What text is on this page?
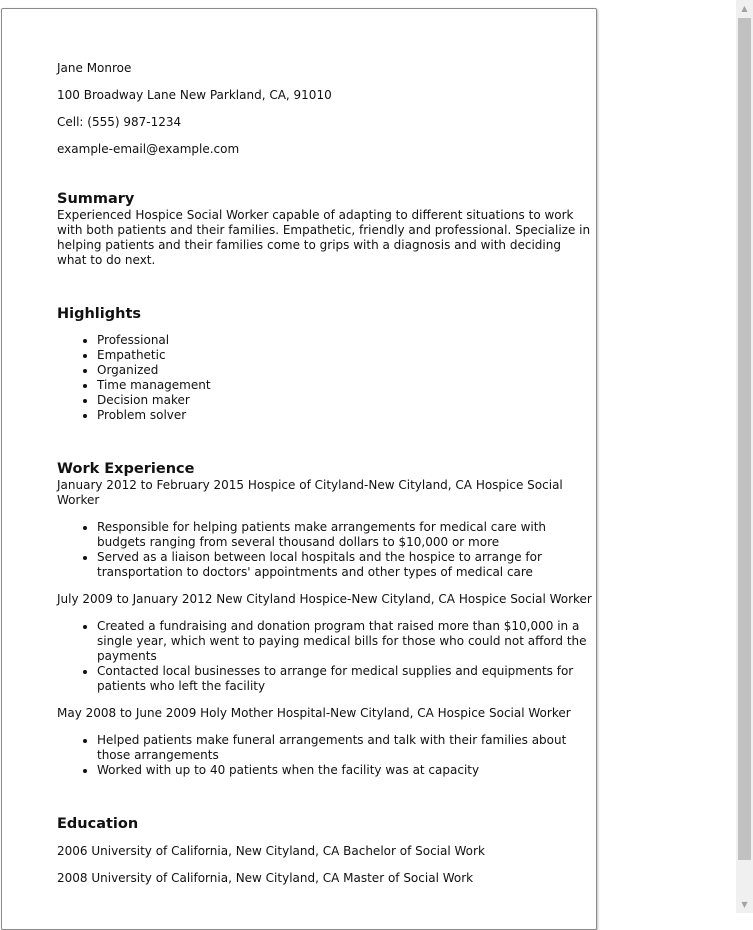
Jane Monroe

100 Broadway Lane New Parkland, CA, 91010

Cell: (555) 987-1234

example-email@example.com

Summary

Experienced Hospice Social Worker capable of adapting to different situations to work with both patients and their families. Empathetic, friendly and professional. Specialize in helping patients and their families come to grips with a diagnosis and with deciding what to do next.

Highlights
• Professional
• Empathetic
• Organized
• Time management
• Decision maker
• Problem solver
Work Experience

January 2012 to February 2015 Hospice of Cityland-New Cityland, CA Hospice Social Worker

• Responsible for helping patients make arrangements for medical care with budgets ranging from several thousand dollars to $10,000 or more
• Served as a liaison between local hospitals and the hospice to arrange for transportation to doctors' appointments and other types of medical care

July 2009 to January 2012 New Cityland Hospice-New Cityland, CA Hospice Social Worker

• Created a fundraising and donation program that raised more than $10,000 in a single year, which went to paying medical bills for those who could not afford the payments
• Contacted local businesses to arrange for medical supplies and equipments for patients who left the facility

May 2008 to June 2009 Holy Mother Hospital-New Cityland, CA Hospice Social Worker

• Helped patients make funeral arrangements and talk with their families about those arrangements
• Worked with up to 40 patients when the facility was at capacity
Education

2006 University of California, New Cityland, CA Bachelor of Social Work

2008 University of California, New Cityland, CA Master of Social Work

▲
▼
